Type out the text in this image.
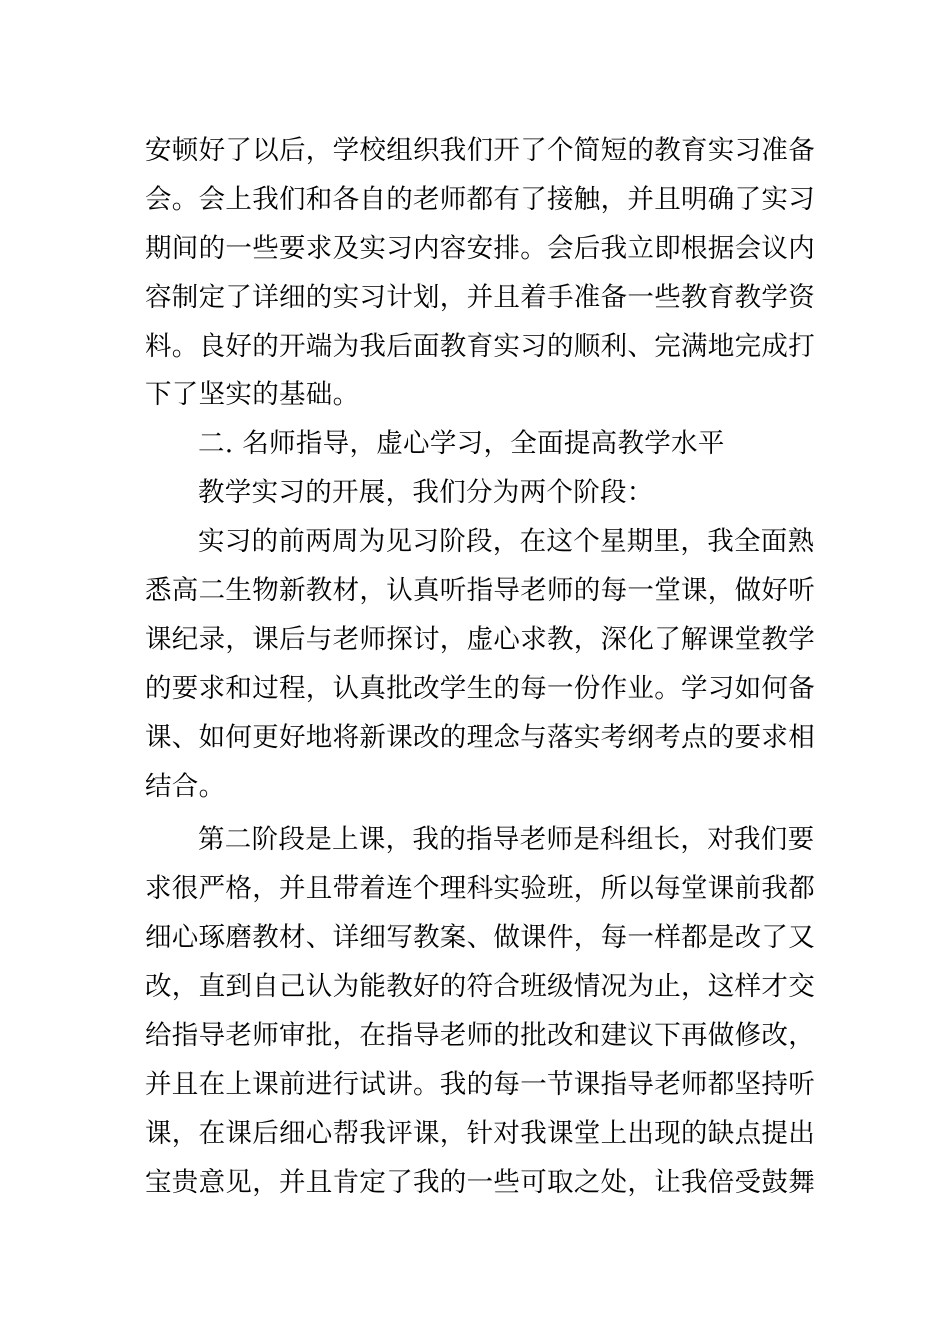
安顿好了以后，学校组织我们开了个简短的教育实习准备
会。会上我们和各自的老师都有了接触，并且明确了实习
期间的一些要求及实习内容安排。会后我立即根据会议内
容制定了详细的实习计划，并且着手准备一些教育教学资
料。良好的开端为我后面教育实习的顺利、完满地完成打
下了坚实的基础。
二. 名师指导，虚心学习，全面提高教学水平
教学实习的开展，我们分为两个阶段：
实习的前两周为见习阶段，在这个星期里，我全面熟
悉高二生物新教材，认真听指导老师的每一堂课，做好听
课纪录，课后与老师探讨，虚心求教，深化了解课堂教学
的要求和过程，认真批改学生的每一份作业。学习如何备
课、如何更好地将新课改的理念与落实考纲考点的要求相
结合。
第二阶段是上课，我的指导老师是科组长，对我们要
求很严格，并且带着连个理科实验班，所以每堂课前我都
细心琢磨教材、详细写教案、做课件，每一样都是改了又
改，直到自己认为能教好的符合班级情况为止，这样才交
给指导老师审批，在指导老师的批改和建议下再做修改，
并且在上课前进行试讲。我的每一节课指导老师都坚持听
课，在课后细心帮我评课，针对我课堂上出现的缺点提出
宝贵意见，并且肯定了我的一些可取之处，让我倍受鼓舞
